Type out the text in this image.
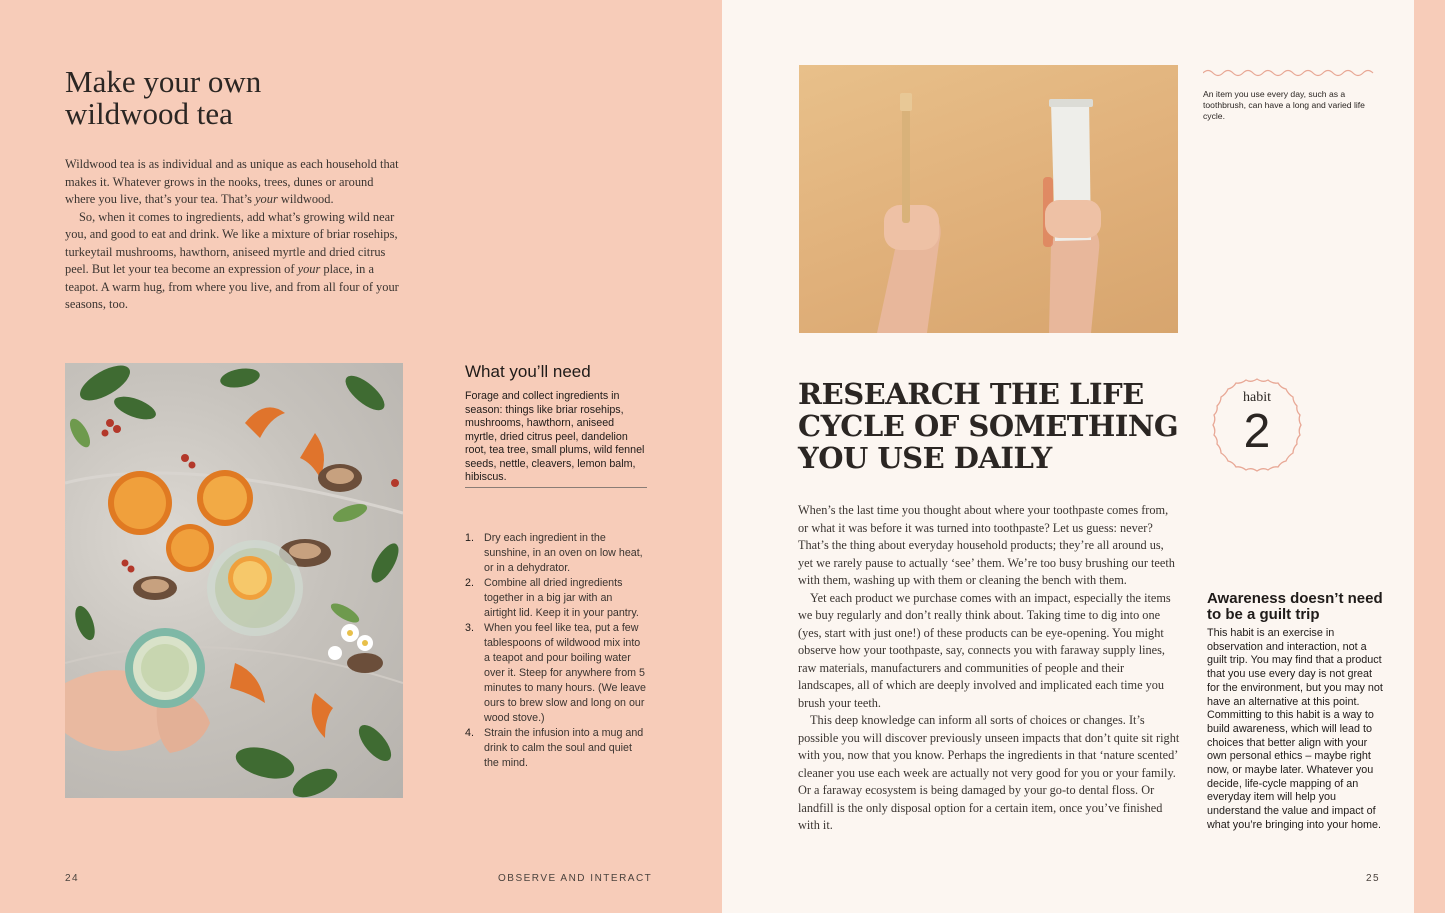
Make your own
wildwood tea

Wildwood tea is as individual and as unique as each household that makes it. Whatever grows in the nooks, trees, dunes or around where you live, that’s your tea. That’s your wildwood.

So, when it comes to ingredients, add what’s growing wild near you, and good to eat and drink. We like a mixture of briar rosehips, turkeytail mushrooms, hawthorn, aniseed myrtle and dried citrus peel. But let your tea become an expression of your place, in a teapot. A warm hug, from where you live, and from all four of your seasons, too.

What you’ll need

Forage and collect ingredients in season: things like briar rosehips, mushrooms, hawthorn, aniseed myrtle, dried citrus peel, dandelion root, tea tree, small plums, wild fennel seeds, nettle, cleavers, lemon balm, hibiscus.

1. Dry each ingredient in the sunshine, in an oven on low heat, or in a dehydrator.
2. Combine all dried ingredients together in a big jar with an airtight lid. Keep it in your pantry.
3. When you feel like tea, put a few tablespoons of wildwood mix into a teapot and pour boiling water over it. Steep for anywhere from 5 minutes to many hours. (We leave ours to brew slow and long on our wood stove.)
4. Strain the infusion into a mug and drink to calm the soul and quiet the mind.
24	OBSERVE AND INTERACT

An item you use every day, such as a toothbrush, can have a long and varied life cycle.

RESEARCH THE LIFE CYCLE OF SOMETHING YOU USE DAILY
habit
2

When’s the last time you thought about where your toothpaste comes from, or what it was before it was turned into toothpaste? Let us guess: never? That’s the thing about everyday household products; they’re all around us, yet we rarely pause to actually ‘see’ them. We’re too busy brushing our teeth with them, washing up with them or cleaning the bench with them.

Yet each product we purchase comes with an impact, especially the items we buy regularly and don’t really think about. Taking time to dig into one (yes, start with just one!) of these products can be eye-opening. You might observe how your toothpaste, say, connects you with faraway supply lines, raw materials, manufacturers and communities of people and their landscapes, all of which are deeply involved and implicated each time you brush your teeth.

This deep knowledge can inform all sorts of choices or changes. It’s possible you will discover previously unseen impacts that don’t quite sit right with you, now that you know. Perhaps the ingredients in that ‘nature scented’ cleaner you use each week are actually not very good for you or your family. Or a faraway ecosystem is being damaged by your go-to dental floss. Or landfill is the only disposal option for a certain item, once you’ve finished with it.

Awareness doesn’t need to be a guilt trip

This habit is an exercise in observation and interaction, not a guilt trip. You may find that a product that you use every day is not great for the environment, but you may not have an alternative at this point. Committing to this habit is a way to build awareness, which will lead to choices that better align with your own personal ethics – maybe right now, or maybe later. Whatever you decide, life-cycle mapping of an everyday item will help you understand the value and impact of what you’re bringing into your home.

25
